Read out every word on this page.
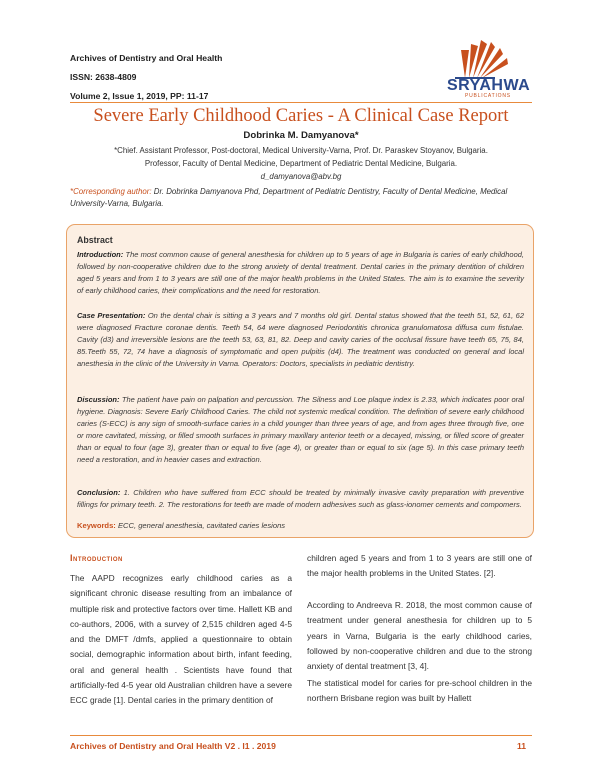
Archives of Dentistry and Oral Health
ISSN: 2638-4809
Volume 2, Issue 1, 2019, PP: 11-17
SRYAHWA
PUBLICATIONS
Severe Early Childhood Caries - A Clinical Case Report
Dobrinka M. Damyanova*
*Chief. Assistant Professor, Post-doctoral, Medical University-Varna, Prof. Dr. Paraskev Stoyanov, Bulgaria.
Professor, Faculty of Dental Medicine, Department of Pediatric Dental Medicine, Bulgaria.
d_damyanova@abv.bg
*Corresponding author: Dr. Dobrinka Damyanova Phd, Department of Pediatric Dentistry, Faculty of Dental Medicine, Medical University-Varna, Bulgaria.
Abstract

Introduction: The most common cause of general anesthesia for children up to 5 years of age in Bulgaria is caries of early childhood, followed by non-cooperative children due to the strong anxiety of dental treatment. Dental caries in the primary dentition of children aged 5 years and from 1 to 3 years are still one of the major health problems in the United States. The aim is to examine the severity of early childhood caries, their complications and the need for restoration.

Case Presentation: On the dental chair is sitting a 3 years and 7 months old girl. Dental status showed that the teeth 51, 52, 61, 62 were diagnosed Fracture coronae dentis. Teeth 54, 64 were diagnosed Periodontitis chronica granulomatosa diffusa cum fistulae. Cavity (d3) and irreversible lesions are the teeth 53, 63, 81, 82. Deep and cavity caries of the occlusal fissure have teeth 65, 75, 84, 85.Teeth 55, 72, 74 have a diagnosis of symptomatic and open pulpitis (d4). The treatment was conducted on general and local anesthesia in the clinic of the University in Varna. Operators: Doctors, specialists in pediatric dentistry.

Discussion: The patient have pain on palpation and percussion. The Silness and Loe plaque index is 2.33, which indicates poor oral hygiene. Diagnosis: Severe Early Childhood Caries. The child not systemic medical condition. The definition of severe early childhood caries (S-ECC) is any sign of smooth-surface caries in a child younger than three years of age, and from ages three through five, one or more cavitated, missing, or filled smooth surfaces in primary maxillary anterior teeth or a decayed, missing, or filled score of greater than or equal to four (age 3), greater than or equal to five (age 4), or greater than or equal to six (age 5). In this case primary teeth need a restoration, and in heavier cases and extraction.

Conclusion: 1. Children who have suffered from ECC should be treated by minimally invasive cavity preparation with preventive fillings for primary teeth. 2. The restorations for teeth are made of modern adhesives such as glass-ionomer cements and compomers.

Keywords: ECC, general anesthesia, cavitated caries lesions
Introduction

The AAPD recognizes early childhood caries as a significant chronic disease resulting from an imbalance of multiple risk and protective factors over time. Hallett KB and co-authors, 2006, with a survey of 2,515 children aged 4-5 and the DMFT /dmfs, applied a questionnaire to obtain social, demographic information about birth, infant feeding, oral and general health . Scientists have found that artificially-fed 4-5 year old Australian children have a severe ECC grade [1]. Dental caries in the primary dentition of

children aged 5 years and from 1 to 3 years are still one of the major health problems in the United States. [2].

According to Andreeva R. 2018, the most common cause of treatment under general anesthesia for children up to 5 years in Varna, Bulgaria is the early childhood caries, followed by non-cooperative children and due to the strong anxiety of dental treatment [3, 4].

The statistical model for caries for pre-school children in the northern Brisbane region was built by Hallett

Archives of Dentistry and Oral Health V2 . I1 . 2019	11
